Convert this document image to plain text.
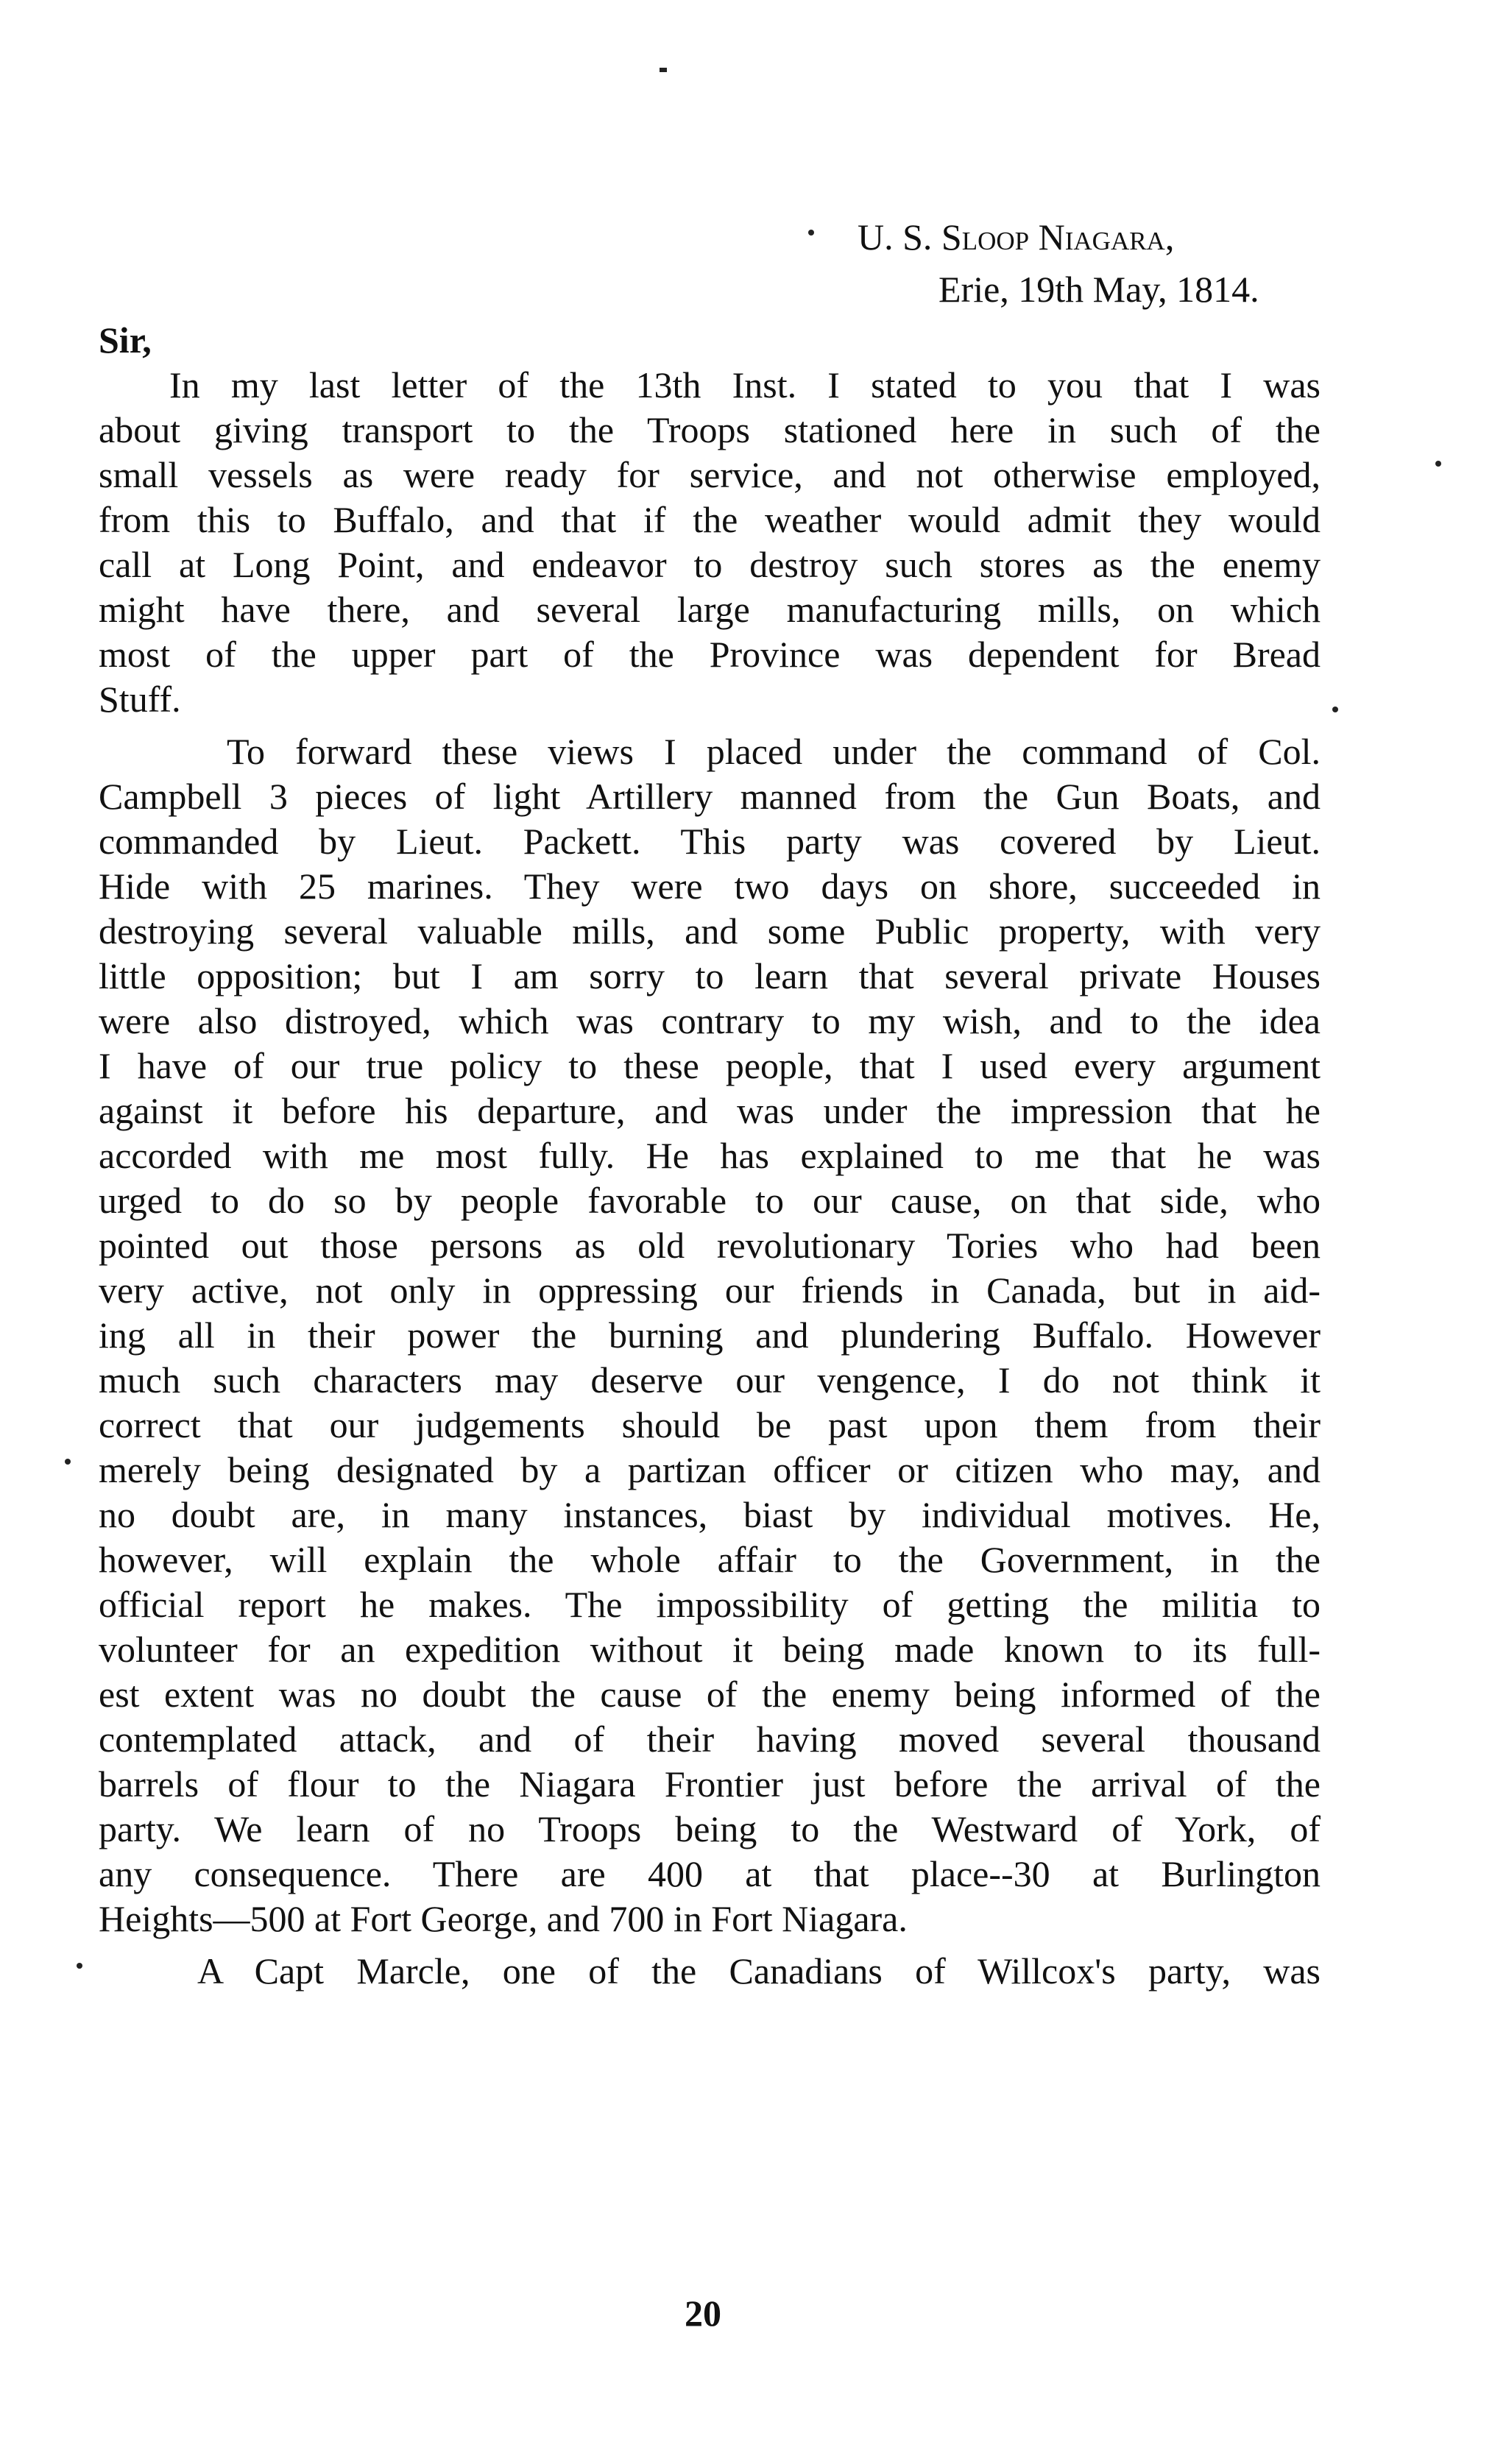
U. S. Sloop Niagara,
Erie, 19th May, 1814.
Sir,
In my last letter of the 13th Inst. I stated to you that I was
about giving transport to the Troops stationed here in such of the
small vessels as were ready for service, and not otherwise employed,
from this to Buffalo, and that if the weather would admit they would
call at Long Point, and endeavor to destroy such stores as the enemy
might have there, and several large manufacturing mills, on which
most of the upper part of the Province was dependent for Bread
Stuff.
To forward these views I placed under the command of Col.
Campbell 3 pieces of light Artillery manned from the Gun Boats, and
commanded by Lieut. Packett. This party was covered by Lieut.
Hide with 25 marines. They were two days on shore, succeeded in
destroying several valuable mills, and some Public property, with very
little opposition; but I am sorry to learn that several private Houses
were also distroyed, which was contrary to my wish, and to the idea
I have of our true policy to these people, that I used every argument
against it before his departure, and was under the impression that he
accorded with me most fully. He has explained to me that he was
urged to do so by people favorable to our cause, on that side, who
pointed out those persons as old revolutionary Tories who had been
very active, not only in oppressing our friends in Canada, but in aid-
ing all in their power the burning and plundering Buffalo. However
much such characters may deserve our vengence, I do not think it
correct that our judgements should be past upon them from their
merely being designated by a partizan officer or citizen who may, and
no doubt are, in many instances, biast by individual motives. He,
however, will explain the whole affair to the Government, in the
official report he makes. The impossibility of getting the militia to
volunteer for an expedition without it being made known to its full-
est extent was no doubt the cause of the enemy being informed of the
contemplated attack, and of their having moved several thousand
barrels of flour to the Niagara Frontier just before the arrival of the
party. We learn of no Troops being to the Westward of York, of
any consequence. There are 400 at that place--30 at Burlington
Heights—500 at Fort George, and 700 in Fort Niagara.
A Capt Marcle, one of the Canadians of Willcox's party, was
20
